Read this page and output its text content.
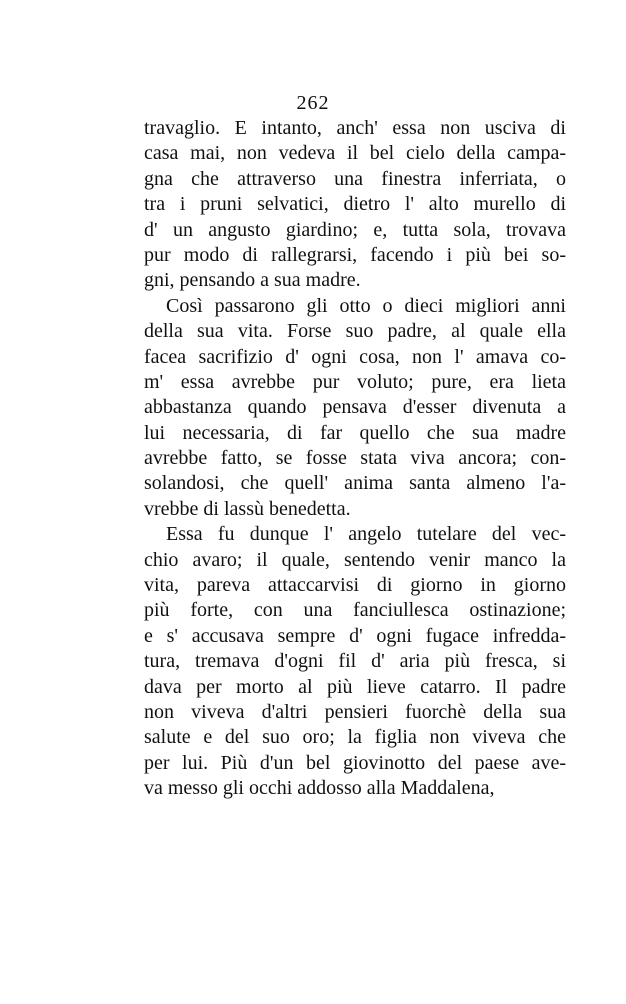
262
travaglio. E intanto, anch' essa non usciva di
casa mai, non vedeva il bel cielo della campa-
gna che attraverso una finestra inferriata, o
tra i pruni selvatici, dietro l' alto murello di
d' un angusto giardino; e, tutta sola, trovava
pur modo di rallegrarsi, facendo i più bei so-
gni, pensando a sua madre.
Così passarono gli otto o dieci migliori anni
della sua vita. Forse suo padre, al quale ella
facea sacrifizio d' ogni cosa, non l' amava co-
m' essa avrebbe pur voluto; pure, era lieta
abbastanza quando pensava d'esser divenuta a
lui necessaria, di far quello che sua madre
avrebbe fatto, se fosse stata viva ancora; con-
solandosi, che quell' anima santa almeno l'a-
vrebbe di lassù benedetta.
Essa fu dunque l' angelo tutelare del vec-
chio avaro; il quale, sentendo venir manco la
vita, pareva attaccarvisi di giorno in giorno
più forte, con una fanciullesca ostinazione;
e s' accusava sempre d' ogni fugace infredda-
tura, tremava d'ogni fil d' aria più fresca, si
dava per morto al più lieve catarro. Il padre
non viveva d'altri pensieri fuorchè della sua
salute e del suo oro; la figlia non viveva che
per lui. Più d'un bel giovinotto del paese ave-
va messo gli occhi addosso alla Maddalena,
